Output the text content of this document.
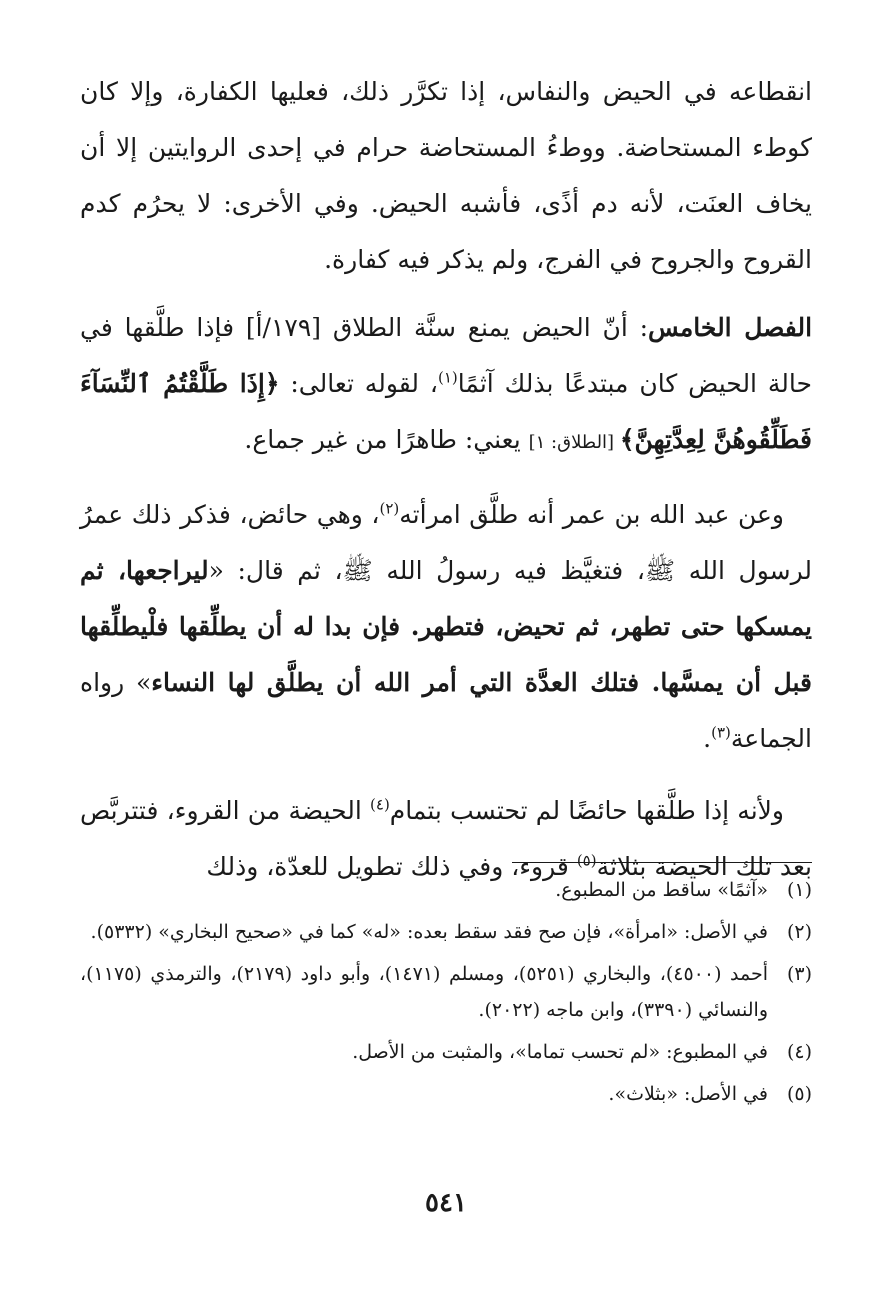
انقطاعه في الحيض والنفاس، إذا تكرَّر ذلك، فعليها الكفارة، وإلا كان كوطء المستحاضة. ووطءُ المستحاضة حرام في إحدى الروايتين إلا أن يخاف العنَت، لأنه دم أذًى، فأشبه الحيض. وفي الأخرى: لا يحرُم كدم القروح والجروح في الفرج، ولم يذكر فيه كفارة.

الفصل الخامس: أنّ الحيض يمنع سنَّة الطلاق [١٧٩/أ] فإذا طلَّقها في حالة الحيض كان مبتدعًا بذلك آثمًا$^{(١)}$، لقوله تعالى: ﴿إِذَا طَلَّقْتُمُ ٱلنِّسَآءَ فَطَلِّقُوهُنَّ لِعِدَّتِهِنَّ﴾ [الطلاق: ١] يعني: طاهرًا من غير جماع.

وعن عبد الله بن عمر أنه طلَّق امرأته$^{(٢)}$، وهي حائض، فذكر ذلك عمرُ لرسول الله ﷺ، فتغيَّظ فيه رسولُ الله ﷺ، ثم قال: «ليراجعها، ثم يمسكها حتى تطهر، ثم تحيض، فتطهر. فإن بدا له أن يطلِّقها فلْيطلِّقها قبل أن يمسَّها. فتلك العدَّة التي أمر الله أن يطلَّق لها النساء» رواه الجماعة$^{(٣)}$.

ولأنه إذا طلَّقها حائضًا لم تحتسب بتمام$^{(٤)}$ الحيضة من القروء، فتتربَّص بعد تلك الحيضة بثلاثة$^{(٥)}$ قروء، وفي ذلك تطويل للعدّة، وذلك

(١)
«آثمًا» ساقط من المطبوع.
(٢)
في الأصل: «امرأة»، فإن صح فقد سقط بعده: «له» كما في «صحيح البخاري» (٥٣٣٢).
(٣)
أحمد (٤٥٠٠)، والبخاري (٥٢٥١)، ومسلم (١٤٧١)، وأبو داود (٢١٧٩)، والترمذي (١١٧٥)، والنسائي (٣٣٩٠)، وابن ماجه (٢٠٢٢).
(٤)
في المطبوع: «لم تحسب تماما»، والمثبت من الأصل.
(٥)
في الأصل: «بثلاث».
٥٤١
